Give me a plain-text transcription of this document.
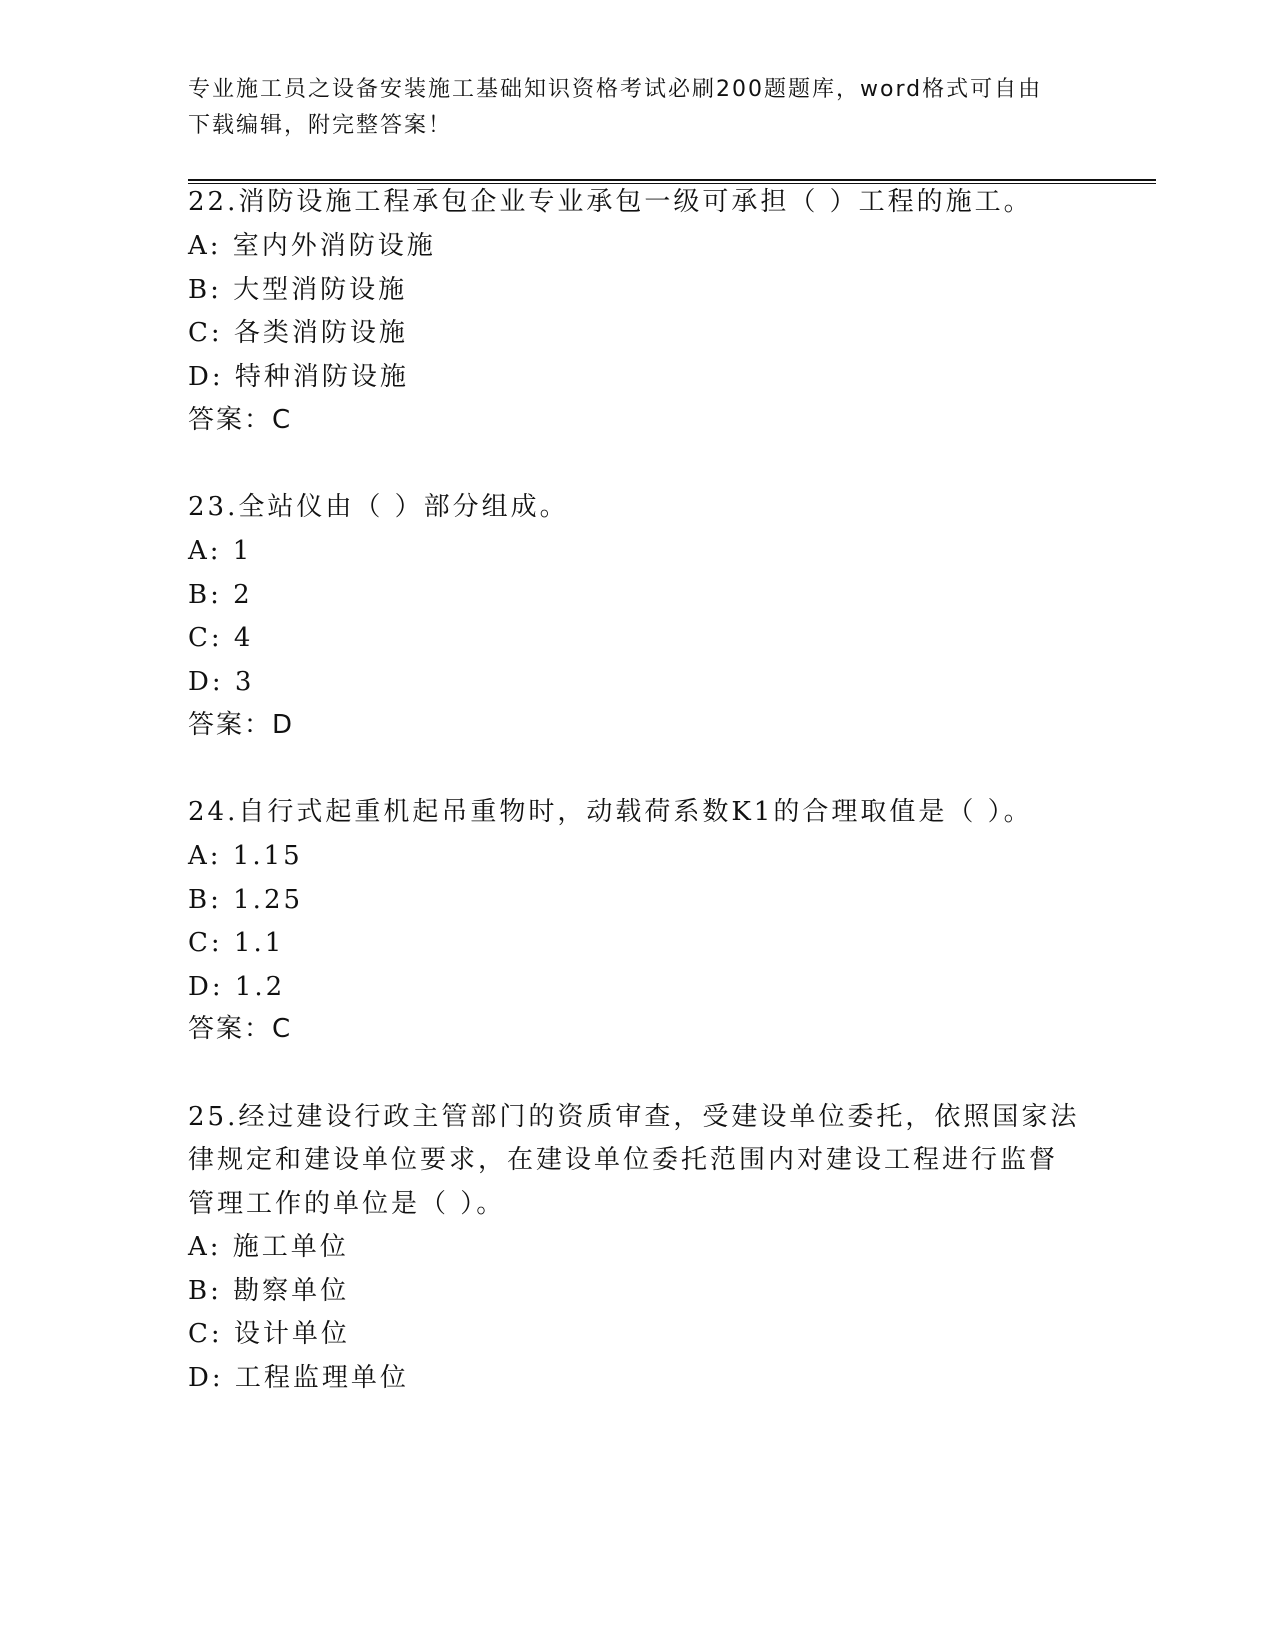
专业施工员之设备安装施工基础知识资格考试必刷200题题库，word格式可自由
下载编辑，附完整答案！
22.消防设施工程承包企业专业承包一级可承担（ ）工程的施工。
A: 室内外消防设施
B: 大型消防设施
C: 各类消防设施
D: 特种消防设施
答案：C
23.全站仪由（ ）部分组成。
A: 1
B: 2
C: 4
D: 3
答案：D
24.自行式起重机起吊重物时，动载荷系数K1的合理取值是（ ）。
A: 1.15
B: 1.25
C: 1.1
D: 1.2
答案：C
25.经过建设行政主管部门的资质审查，受建设单位委托，依照国家法
律规定和建设单位要求，在建设单位委托范围内对建设工程进行监督
管理工作的单位是（ ）。
A: 施工单位
B: 勘察单位
C: 设计单位
D: 工程监理单位
